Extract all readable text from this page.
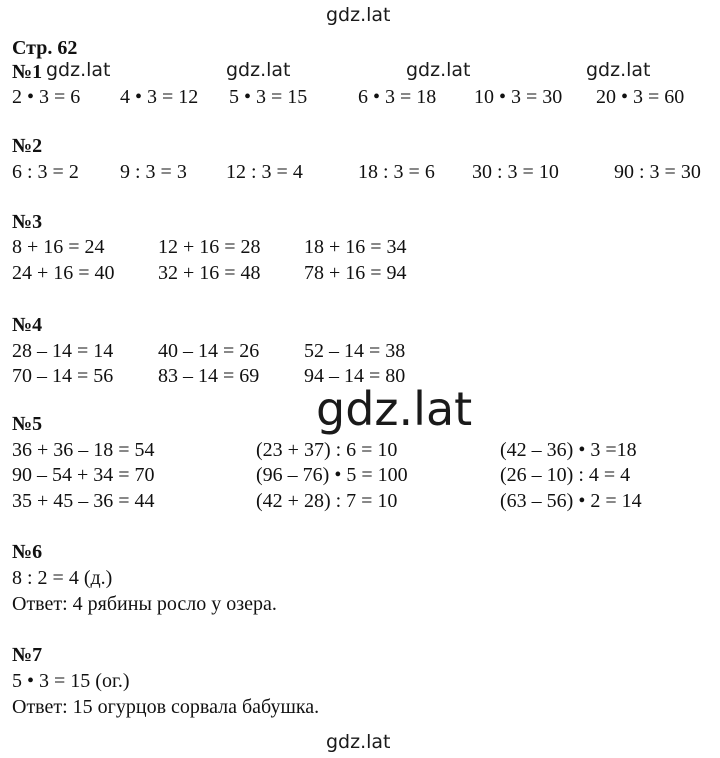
gdz.lat
gdz.lat	gdz.lat	gdz.lat	gdz.lat
gdz.lat
gdz.lat
Стр. 62
№1
2 • 3 = 6 4 • 3 = 12 5 • 3 = 15	6 • 3 = 18 10 • 3 = 30 20 • 3 = 60
№2
6 : 3 = 2 9 : 3 = 3 12 : 3 = 4	18 : 3 = 6 30 : 3 = 10	90 : 3 = 30
№3
8 + 16 = 24	12 + 16 = 28 18 + 16 = 34
24 + 16 = 40 32 + 16 = 48 78 + 16 = 94
№4
28 – 14 = 14 40 – 14 = 26 52 – 14 = 38
70 – 14 = 56 83 – 14 = 69 94 – 14 = 80
№5
36 + 36 – 18 = 54	(23 + 37) : 6 = 10	(42 – 36) • 3 =18
90 – 54 + 34 = 70	(96 – 76) • 5 = 100	(26 – 10) : 4 = 4
35 + 45 – 36 = 44	(42 + 28) : 7 = 10	(63 – 56) • 2 = 14
№6
8 : 2 = 4 (д.)
Ответ: 4 рябины росло у озера.
№7
5 • 3 = 15 (ог.)
Ответ: 15 огурцов сорвала бабушка.
